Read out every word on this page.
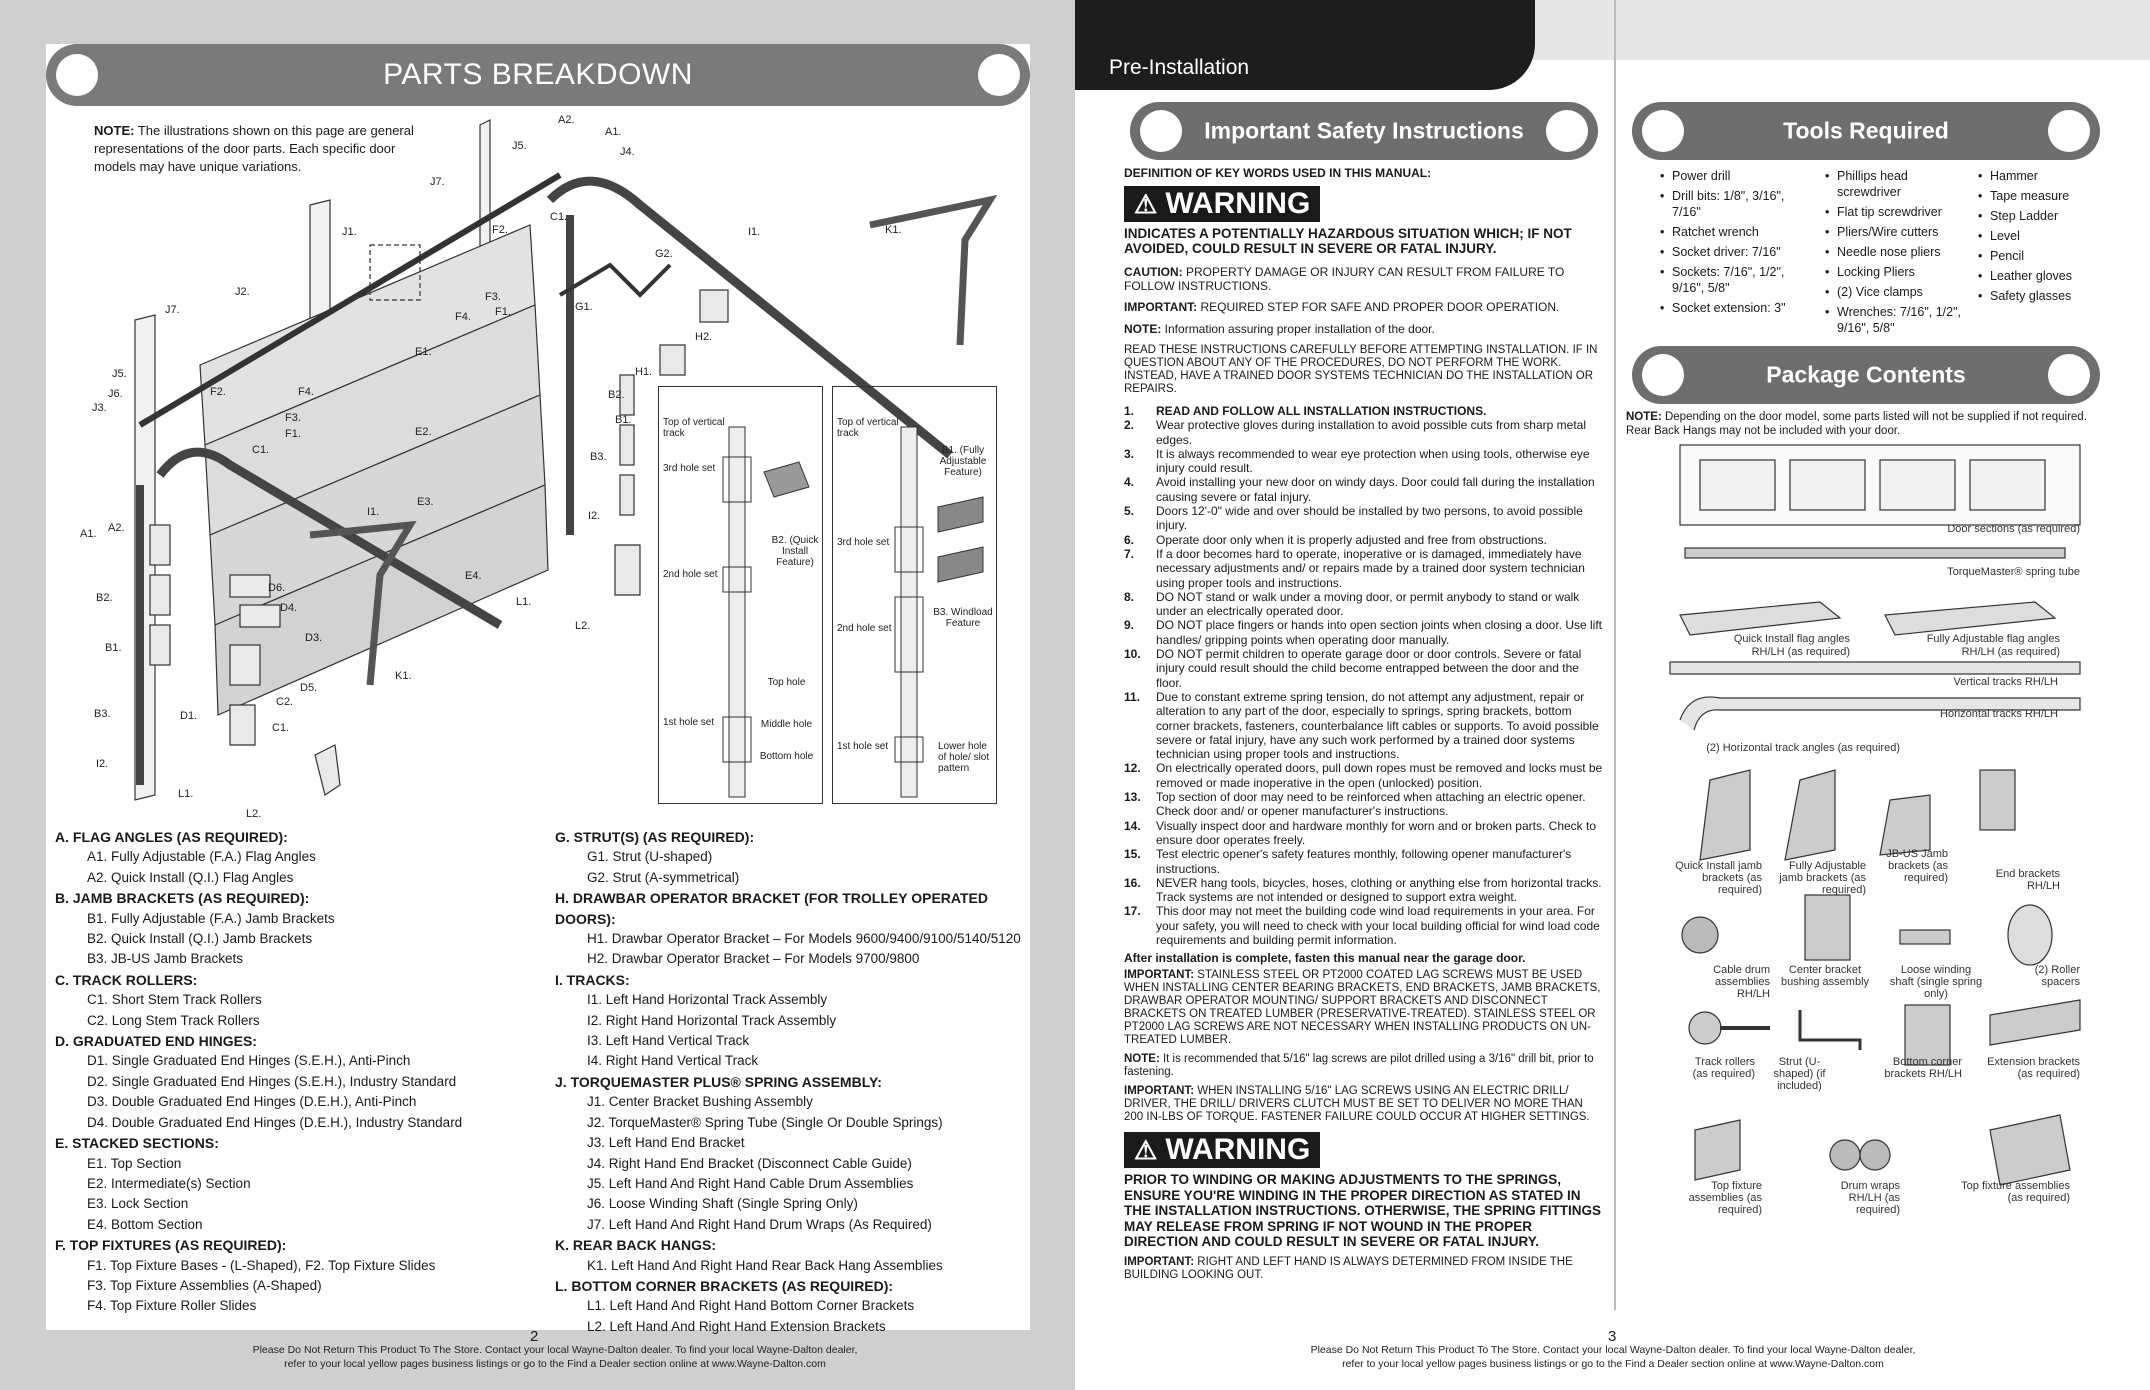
PARTS BREAKDOWN
NOTE: The illustrations shown on this page are general representations of the door parts. Each specific door models may have unique variations.
A2.
A1.
J4.
J5.
J7.
C1.
J1.	F2.
F3.
F4. F1.
J2.
I1.
G2.
G1.
H2.
H1.
K1.
J7.
E1.
J5.
J6.	F4.
F2.
F3.
F1.
C1.
J3.
E2.
E3.
B2.
B1.
B3.
I2.
A1. A2.
I1.
E4.
L1.
L2.
D6.
B2.
D4.
D3.
B1.
D5.
C2.
D1.
C1.
B3.
K1.
I2.
L1.
L2.
Top of vertical track
3rd hole set
2nd hole set
1st hole set
B2. (Quick Install Feature)
Top hole
Middle hole
Bottom hole
Top of vertical track
3rd hole set
2nd hole set
1st hole set
B1. (Fully Adjustable Feature)
B3. Windload Feature
Lower hole of hole/ slot pattern
A. FLAG ANGLES (AS REQUIRED):
A1. Fully Adjustable (F.A.) Flag Angles
A2. Quick Install (Q.I.) Flag Angles
B. JAMB BRACKETS (AS REQUIRED):
B1. Fully Adjustable (F.A.) Jamb Brackets
B2. Quick Install (Q.I.) Jamb Brackets
B3. JB-US Jamb Brackets
C. TRACK ROLLERS:
C1. Short Stem Track Rollers
C2. Long Stem Track Rollers
D. GRADUATED END HINGES:
D1. Single Graduated End Hinges (S.E.H.), Anti-Pinch
D2. Single Graduated End Hinges (S.E.H.), Industry Standard
D3. Double Graduated End Hinges (D.E.H.), Anti-Pinch
D4. Double Graduated End Hinges (D.E.H.), Industry Standard
E. STACKED SECTIONS:
E1. Top Section
E2. Intermediate(s) Section
E3. Lock Section
E4. Bottom Section
F. TOP FIXTURES (AS REQUIRED):
F1. Top Fixture Bases - (L-Shaped), F2. Top Fixture Slides
F3. Top Fixture Assemblies (A-Shaped)
F4. Top Fixture Roller Slides
G. STRUT(S) (AS REQUIRED):
G1. Strut (U-shaped)
G2. Strut (A-symmetrical)
H. DRAWBAR OPERATOR BRACKET (FOR TROLLEY OPERATED DOORS):
H1. Drawbar Operator Bracket – For Models 9600/9400/9100/5140/5120
H2. Drawbar Operator Bracket – For Models 9700/9800
I. TRACKS:
I1. Left Hand Horizontal Track Assembly
I2. Right Hand Horizontal Track Assembly
I3. Left Hand Vertical Track
I4. Right Hand Vertical Track
J. TORQUEMASTER PLUS® SPRING ASSEMBLY:
J1. Center Bracket Bushing Assembly
J2. TorqueMaster® Spring Tube (Single Or Double Springs)
J3. Left Hand End Bracket
J4. Right Hand End Bracket (Disconnect Cable Guide)
J5. Left Hand And Right Hand Cable Drum Assemblies
J6. Loose Winding Shaft (Single Spring Only)
J7. Left Hand And Right Hand Drum Wraps (As Required)
K. REAR BACK HANGS:
K1. Left Hand And Right Hand Rear Back Hang Assemblies
L. BOTTOM CORNER BRACKETS (AS REQUIRED):
L1. Left Hand And Right Hand Bottom Corner Brackets
L2. Left Hand And Right Hand Extension Brackets
2
Please Do Not Return This Product To The Store. Contact your local Wayne-Dalton dealer. To find your local Wayne-Dalton dealer,
refer to your local yellow pages business listings or go to the Find a Dealer section online at www.Wayne-Dalton.com
Pre-Installation
Important Safety Instructions
DEFINITION OF KEY WORDS USED IN THIS MANUAL:
⚠ WARNING
INDICATES A POTENTIALLY HAZARDOUS SITUATION WHICH; IF NOT AVOIDED, COULD RESULT IN SEVERE OR FATAL INJURY.
CAUTION: PROPERTY DAMAGE OR INJURY CAN RESULT FROM FAILURE TO FOLLOW INSTRUCTIONS.
IMPORTANT: REQUIRED STEP FOR SAFE AND PROPER DOOR OPERATION.
NOTE: Information assuring proper installation of the door.
READ THESE INSTRUCTIONS CAREFULLY BEFORE ATTEMPTING INSTALLATION. IF IN QUESTION ABOUT ANY OF THE PROCEDURES, DO NOT PERFORM THE WORK. INSTEAD, HAVE A TRAINED DOOR SYSTEMS TECHNICIAN DO THE INSTALLATION OR REPAIRS.
1.	READ AND FOLLOW ALL INSTALLATION INSTRUCTIONS.
2.	Wear protective gloves during installation to avoid possible cuts from sharp metal edges.
3.	It is always recommended to wear eye protection when using tools, otherwise eye injury could result.
4.	Avoid installing your new door on windy days. Door could fall during the installation causing severe or fatal injury.
5.	Doors 12'-0" wide and over should be installed by two persons, to avoid possible injury.
6.	Operate door only when it is properly adjusted and free from obstructions.
7.	If a door becomes hard to operate, inoperative or is damaged, immediately have necessary adjustments and/ or repairs made by a trained door system technician using proper tools and instructions.
8.	DO NOT stand or walk under a moving door, or permit anybody to stand or walk under an electrically operated door.
9.	DO NOT place fingers or hands into open section joints when closing a door. Use lift handles/ gripping points when operating door manually.
10.	DO NOT permit children to operate garage door or door controls. Severe or fatal injury could result should the child become entrapped between the door and the floor.
11.	Due to constant extreme spring tension, do not attempt any adjustment, repair or alteration to any part of the door, especially to springs, spring brackets, bottom corner brackets, fasteners, counterbalance lift cables or supports. To avoid possible severe or fatal injury, have any such work performed by a trained door systems technician using proper tools and instructions.
12.	On electrically operated doors, pull down ropes must be removed and locks must be removed or made inoperative in the open (unlocked) position.
13.	Top section of door may need to be reinforced when attaching an electric opener. Check door and/ or opener manufacturer's instructions.
14.	Visually inspect door and hardware monthly for worn and or broken parts. Check to ensure door operates freely.
15.	Test electric opener's safety features monthly, following opener manufacturer's instructions.
16.	NEVER hang tools, bicycles, hoses, clothing or anything else from horizontal tracks. Track systems are not intended or designed to support extra weight.
17.	This door may not meet the building code wind load requirements in your area. For your safety, you will need to check with your local building official for wind load code requirements and building permit information.
After installation is complete, fasten this manual near the garage door.
IMPORTANT: STAINLESS STEEL OR PT2000 COATED LAG SCREWS MUST BE USED WHEN INSTALLING CENTER BEARING BRACKETS, END BRACKETS, JAMB BRACKETS, DRAWBAR OPERATOR MOUNTING/ SUPPORT BRACKETS AND DISCONNECT BRACKETS ON TREATED LUMBER (PRESERVATIVE-TREATED). STAINLESS STEEL OR PT2000 LAG SCREWS ARE NOT NECESSARY WHEN INSTALLING PRODUCTS ON UN-TREATED LUMBER.
NOTE: It is recommended that 5/16" lag screws are pilot drilled using a 3/16" drill bit, prior to fastening.
IMPORTANT: WHEN INSTALLING 5/16" LAG SCREWS USING AN ELECTRIC DRILL/ DRIVER, THE DRILL/ DRIVERS CLUTCH MUST BE SET TO DELIVER NO MORE THAN 200 IN-LBS OF TORQUE. FASTENER FAILURE COULD OCCUR AT HIGHER SETTINGS.
⚠ WARNING
PRIOR TO WINDING OR MAKING ADJUSTMENTS TO THE SPRINGS, ENSURE YOU'RE WINDING IN THE PROPER DIRECTION AS STATED IN THE INSTALLATION INSTRUCTIONS. OTHERWISE, THE SPRING FITTINGS MAY RELEASE FROM SPRING IF NOT WOUND IN THE PROPER DIRECTION AND COULD RESULT IN SEVERE OR FATAL INJURY.
IMPORTANT: RIGHT AND LEFT HAND IS ALWAYS DETERMINED FROM INSIDE THE BUILDING LOOKING OUT.
Tools Required
• Power drill
• Drill bits: 1/8", 3/16", 7/16"
• Ratchet wrench
• Socket driver: 7/16"
• Sockets: 7/16", 1/2", 9/16", 5/8"
• Socket extension: 3"
• Phillips head screwdriver
• Flat tip screwdriver
• Pliers/Wire cutters
• Needle nose pliers
• Locking Pliers
• (2) Vice clamps
• Wrenches: 7/16", 1/2", 9/16", 5/8"
• Hammer
• Tape measure
• Step Ladder
• Level
• Pencil
• Leather gloves
• Safety glasses
Package Contents
NOTE: Depending on the door model, some parts listed will not be supplied if not required. Rear Back Hangs may not be included with your door.
Door sections (as required)
TorqueMaster® spring tube
Quick Install flag angles RH/LH (as required)
Fully Adjustable flag angles RH/LH (as required)
Vertical tracks RH/LH
Horizontal tracks RH/LH
(2) Horizontal track angles (as required)
Quick Install jamb brackets (as required)
Fully Adjustable jamb brackets (as required)
JB-US Jamb brackets (as required)	End brackets RH/LH
Cable drum assemblies RH/LH
Center bracket bushing assembly
Loose winding shaft (single spring only)
(2) Roller spacers
Track rollers (as required)
Strut (U-shaped) (if included)
Bottom corner brackets RH/LH
Extension brackets (as required)
Top fixture assemblies (as required)
Drum wraps RH/LH (as required)
Top fixture assemblies (as required)
3
Please Do Not Return This Product To The Store. Contact your local Wayne-Dalton dealer. To find your local Wayne-Dalton dealer,
refer to your local yellow pages business listings or go to the Find a Dealer section online at www.Wayne-Dalton.com
